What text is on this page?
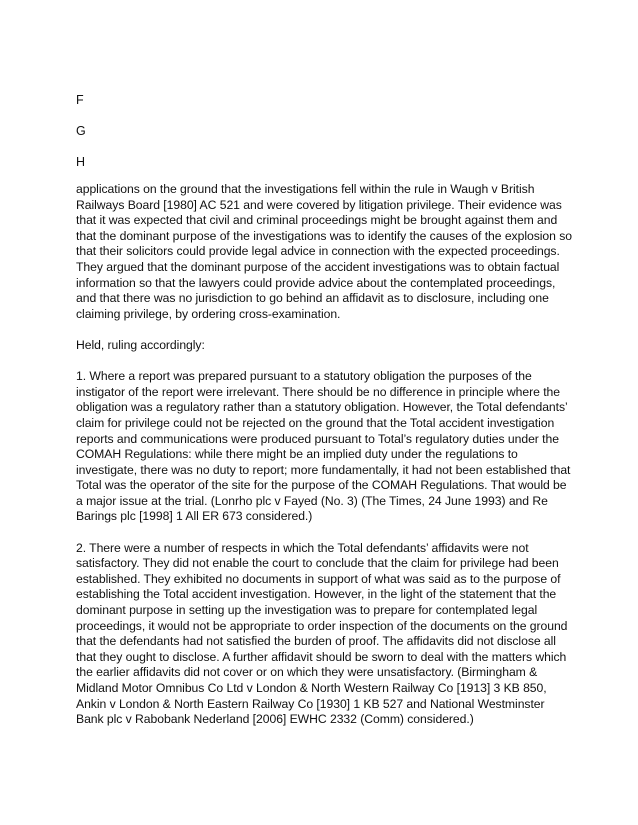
F
G
H

applications on the ground that the investigations fell within the rule in Waugh v British Railways Board [1980] AC 521 and were covered by litigation privilege. Their evidence was that it was expected that civil and criminal proceedings might be brought against them and that the dominant purpose of the investigations was to identify the causes of the explosion so that their solicitors could provide legal advice in connection with the expected proceedings. They argued that the dominant purpose of the accident investigations was to obtain factual information so that the lawyers could provide advice about the contemplated proceedings, and that there was no jurisdiction to go behind an affidavit as to disclosure, including one claiming privilege, by ordering cross-examination.

Held, ruling accordingly:

1. Where a report was prepared pursuant to a statutory obligation the purposes of the instigator of the report were irrelevant. There should be no difference in principle where the obligation was a regulatory rather than a statutory obligation. However, the Total defendants’ claim for privilege could not be rejected on the ground that the Total accident investigation reports and communications were produced pursuant to Total’s regulatory duties under the COMAH Regulations: while there might be an implied duty under the regulations to investigate, there was no duty to report; more fundamentally, it had not been established that Total was the operator of the site for the purpose of the COMAH Regulations. That would be a major issue at the trial. (Lonrho plc v Fayed (No. 3) (The Times, 24 June 1993) and Re Barings plc [1998] 1 All ER 673 considered.)

2. There were a number of respects in which the Total defendants’ affidavits were not satisfactory. They did not enable the court to conclude that the claim for privilege had been established. They exhibited no documents in support of what was said as to the purpose of establishing the Total accident investigation. However, in the light of the statement that the dominant purpose in setting up the investigation was to prepare for contemplated legal proceedings, it would not be appropriate to order inspection of the documents on the ground that the defendants had not satisfied the burden of proof. The affidavits did not disclose all that they ought to disclose. A further affidavit should be sworn to deal with the matters which the earlier affidavits did not cover or on which they were unsatisfactory. (Birmingham & Midland Motor Omnibus Co Ltd v London & North Western Railway Co [1913] 3 KB 850, Ankin v London & North Eastern Railway Co [1930] 1 KB 527 and National Westminster Bank plc v Rabobank Nederland [2006] EWHC 2332 (Comm) considered.)
